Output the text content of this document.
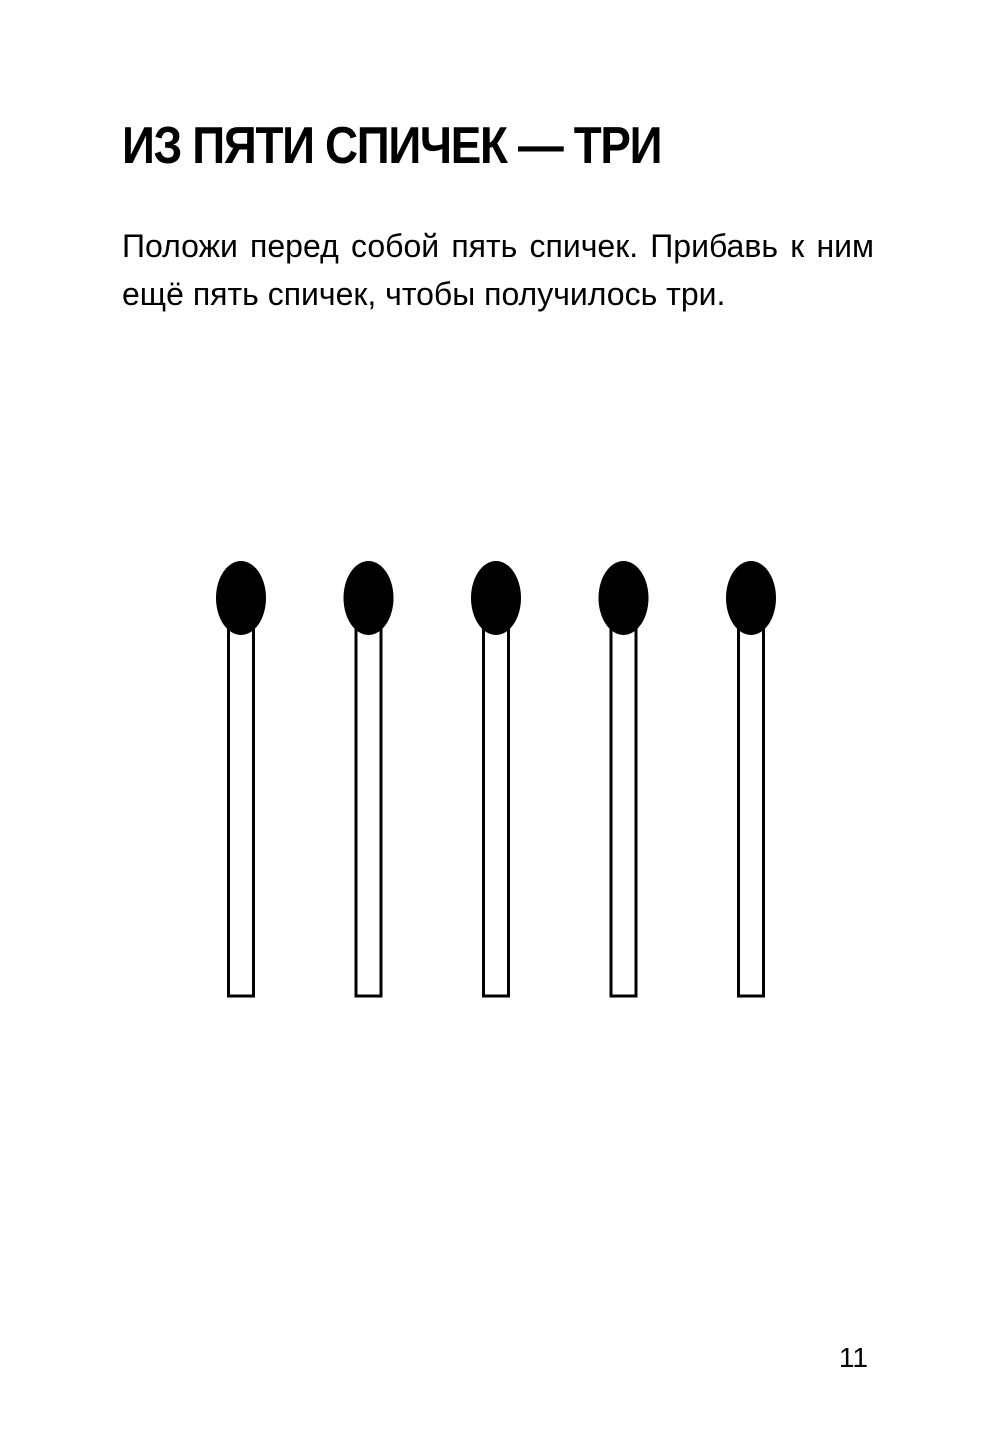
ИЗ ПЯТИ СПИЧЕК — ТРИ

Положи перед собой пять спичек. Прибавь к ним ещё пять спичек, чтобы получилось три.

11
